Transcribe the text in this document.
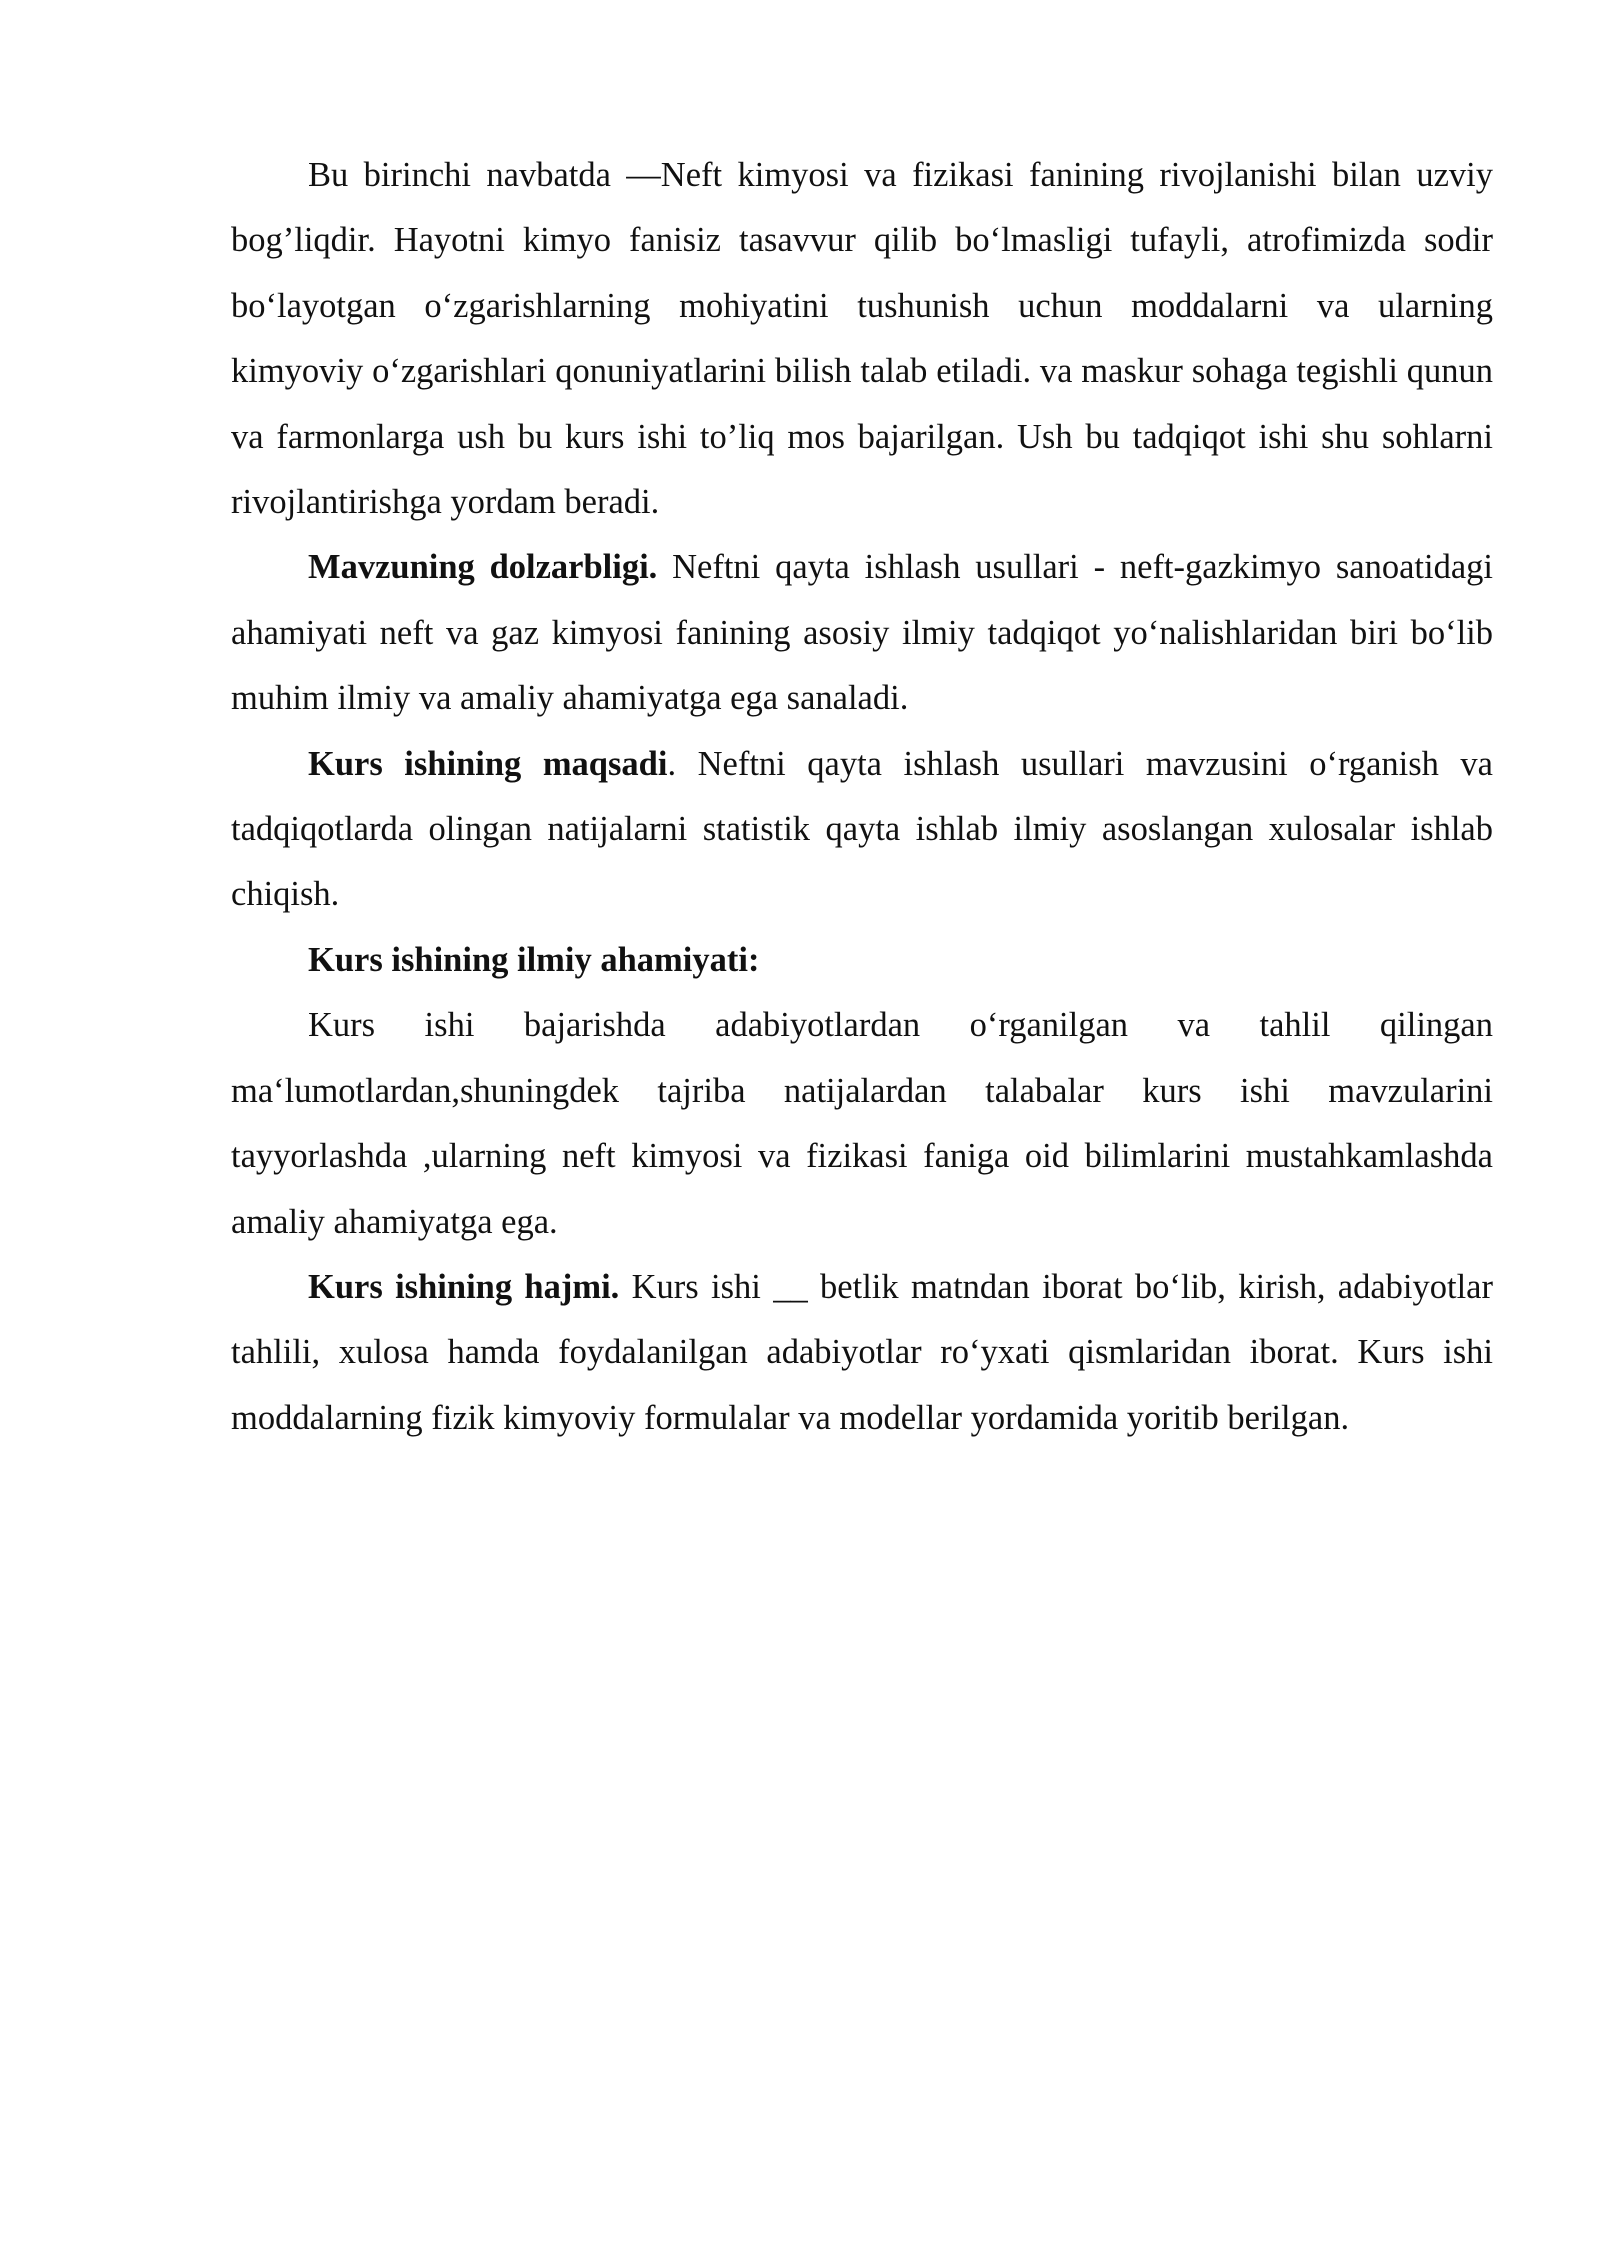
Bu birinchi navbatda ―Neft kimyosi va fizikasi fanining rivojlanishi bilan uzviy bog’liqdir. Hayotni kimyo fanisiz tasavvur qilib bo‘lmasligi tufayli, atrofimizda sodir bo‘layotgan o‘zgarishlarning mohiyatini tushunish uchun moddalarni va ularning kimyoviy o‘zgarishlari qonuniyatlarini bilish talab etiladi. va maskur sohaga tegishli qunun va farmonlarga ush bu kurs ishi to’liq mos bajarilgan. Ush bu tadqiqot ishi shu sohlarni rivojlantirishga yordam beradi.

Mavzuning dolzarbligi. Neftni qayta ishlash usullari - neft-gazkimyo sanoatidagi ahamiyati neft va gaz kimyosi fanining asosiy ilmiy tadqiqot yo‘nalishlaridan biri bo‘lib muhim ilmiy va amaliy ahamiyatga ega sanaladi.

Kurs ishining maqsadi. Neftni qayta ishlash usullari mavzusini o‘rganish va tadqiqotlarda olingan natijalarni statistik qayta ishlab ilmiy asoslangan xulosalar ishlab chiqish.

Kurs ishining ilmiy ahamiyati:

Kurs ishi bajarishda adabiyotlardan o‘rganilgan va tahlil qilingan ma‘lumotlardan,shuningdek tajriba natijalardan talabalar kurs ishi mavzularini tayyorlashda ,ularning neft kimyosi va fizikasi faniga oid bilimlarini mustahkamlashda amaliy ahamiyatga ega.

Kurs ishining hajmi. Kurs ishi __ betlik matndan iborat bo‘lib, kirish, adabiyotlar tahlili, xulosa hamda foydalanilgan adabiyotlar ro‘yxati qismlaridan iborat. Kurs ishi moddalarning fizik kimyoviy formulalar va modellar yordamida yoritib berilgan.
